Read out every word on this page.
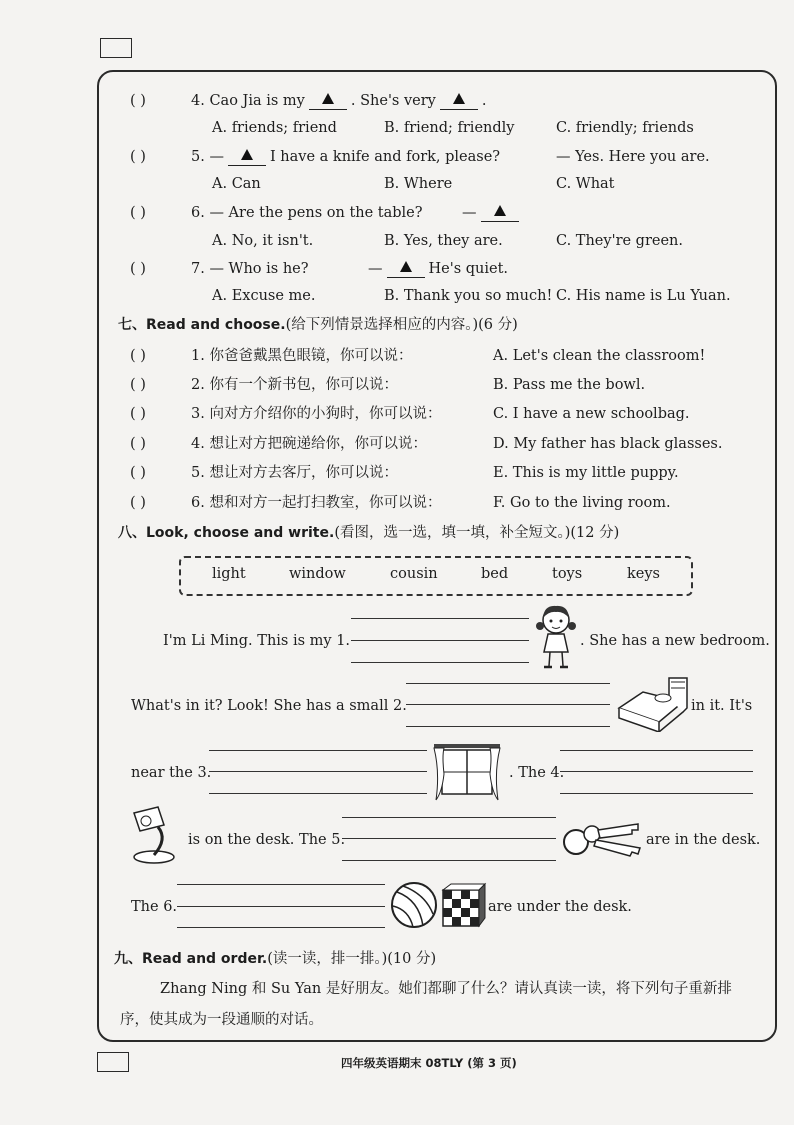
( )	4. Cao Jia is my	. She's very	.
A. friends; friend	B. friend; friendly	C. friendly; friends
( )	5. —	I have a knife and fork, please?	— Yes. Here you are.
A. Can	B. Where	C. What
( )	6. — Are the pens on the table?	—
A. No, it isn't.	B. Yes, they are.	C. They're green.
( )	7. — Who is he?	—	He's quiet.
A. Excuse me.	B. Thank you so much! C. His name is Lu Yuan.
七、Read and choose.(给下列情景选择相应的内容。)(6 分)
( )	1. 你爸爸戴黑色眼镜，你可以说：	A. Let's clean the classroom!
( )	2. 你有一个新书包，你可以说：	B. Pass me the bowl.
( )	3. 向对方介绍你的小狗时，你可以说：	C. I have a new schoolbag.
( )	4. 想让对方把碗递给你，你可以说：	D. My father has black glasses.
( )	5. 想让对方去客厅，你可以说：	E. This is my little puppy.
( )	6. 想和对方一起打扫教室，你可以说：	F. Go to the living room.
八、Look, choose and write.(看图，选一选，填一填，补全短文。)(12 分)
light	window	cousin	bed	toys	keys
I'm Li Ming. This is my 1.	. She has a new bedroom.
What's in it? Look! She has a small 2.	in it. It's
near the 3.	. The 4.
is on the desk. The 5.	are in the desk.
The 6.	are under the desk.
九、Read and order.(读一读，排一排。)(10 分)
Zhang Ning 和 Su Yan 是好朋友。她们都聊了什么？请认真读一读，将下列句子重新排
序，使其成为一段通顺的对话。
四年级英语期末 08TLY (第 3 页)
